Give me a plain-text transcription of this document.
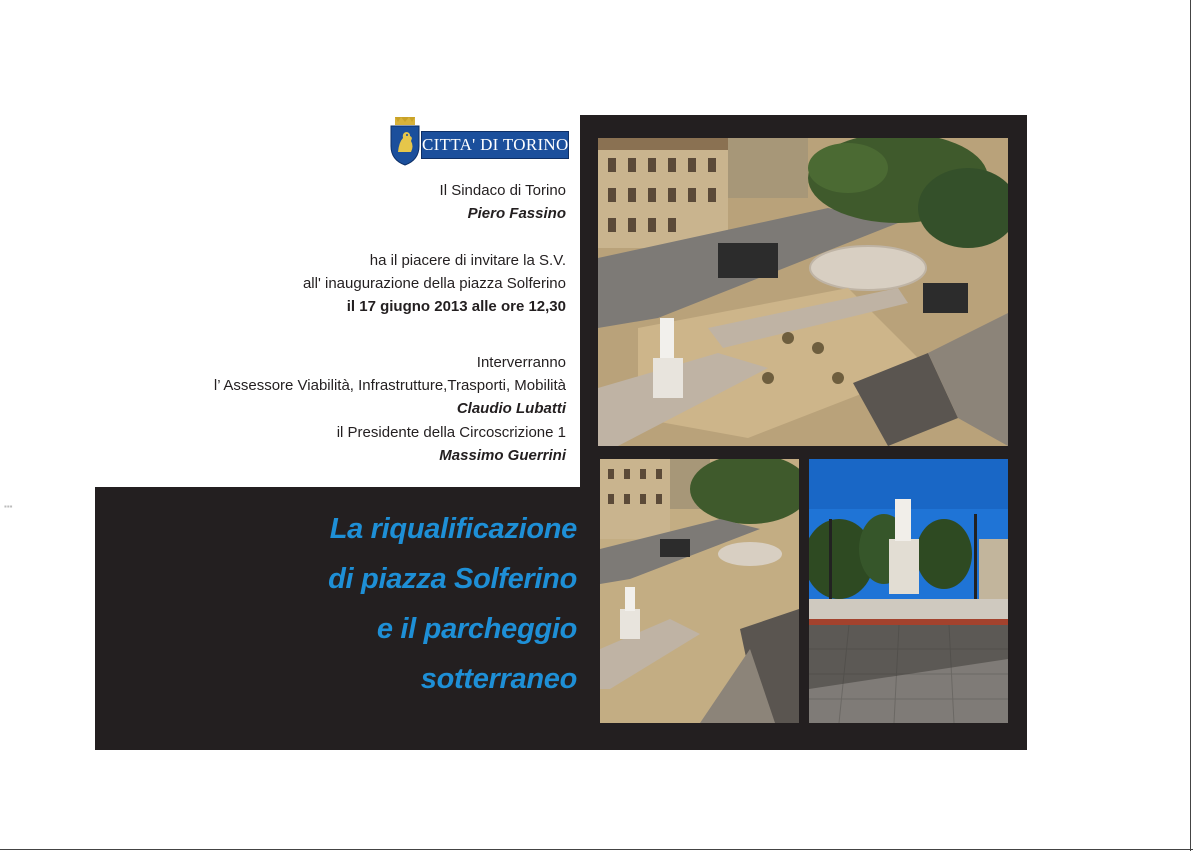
▪▪▪
CITTA' DI TORINO
Il Sindaco di Torino
Piero Fassino
ha il piacere di invitare la S.V.
all' inaugurazione della piazza Solferino
il 17 giugno 2013 alle ore 12,30
Interverranno
l’ Assessore Viabilità, Infrastrutture,Trasporti, Mobilità
Claudio Lubatti
il Presidente della Circoscrizione 1
Massimo Guerrini
La riqualificazione
di piazza Solferino
e il parcheggio
sotterraneo
